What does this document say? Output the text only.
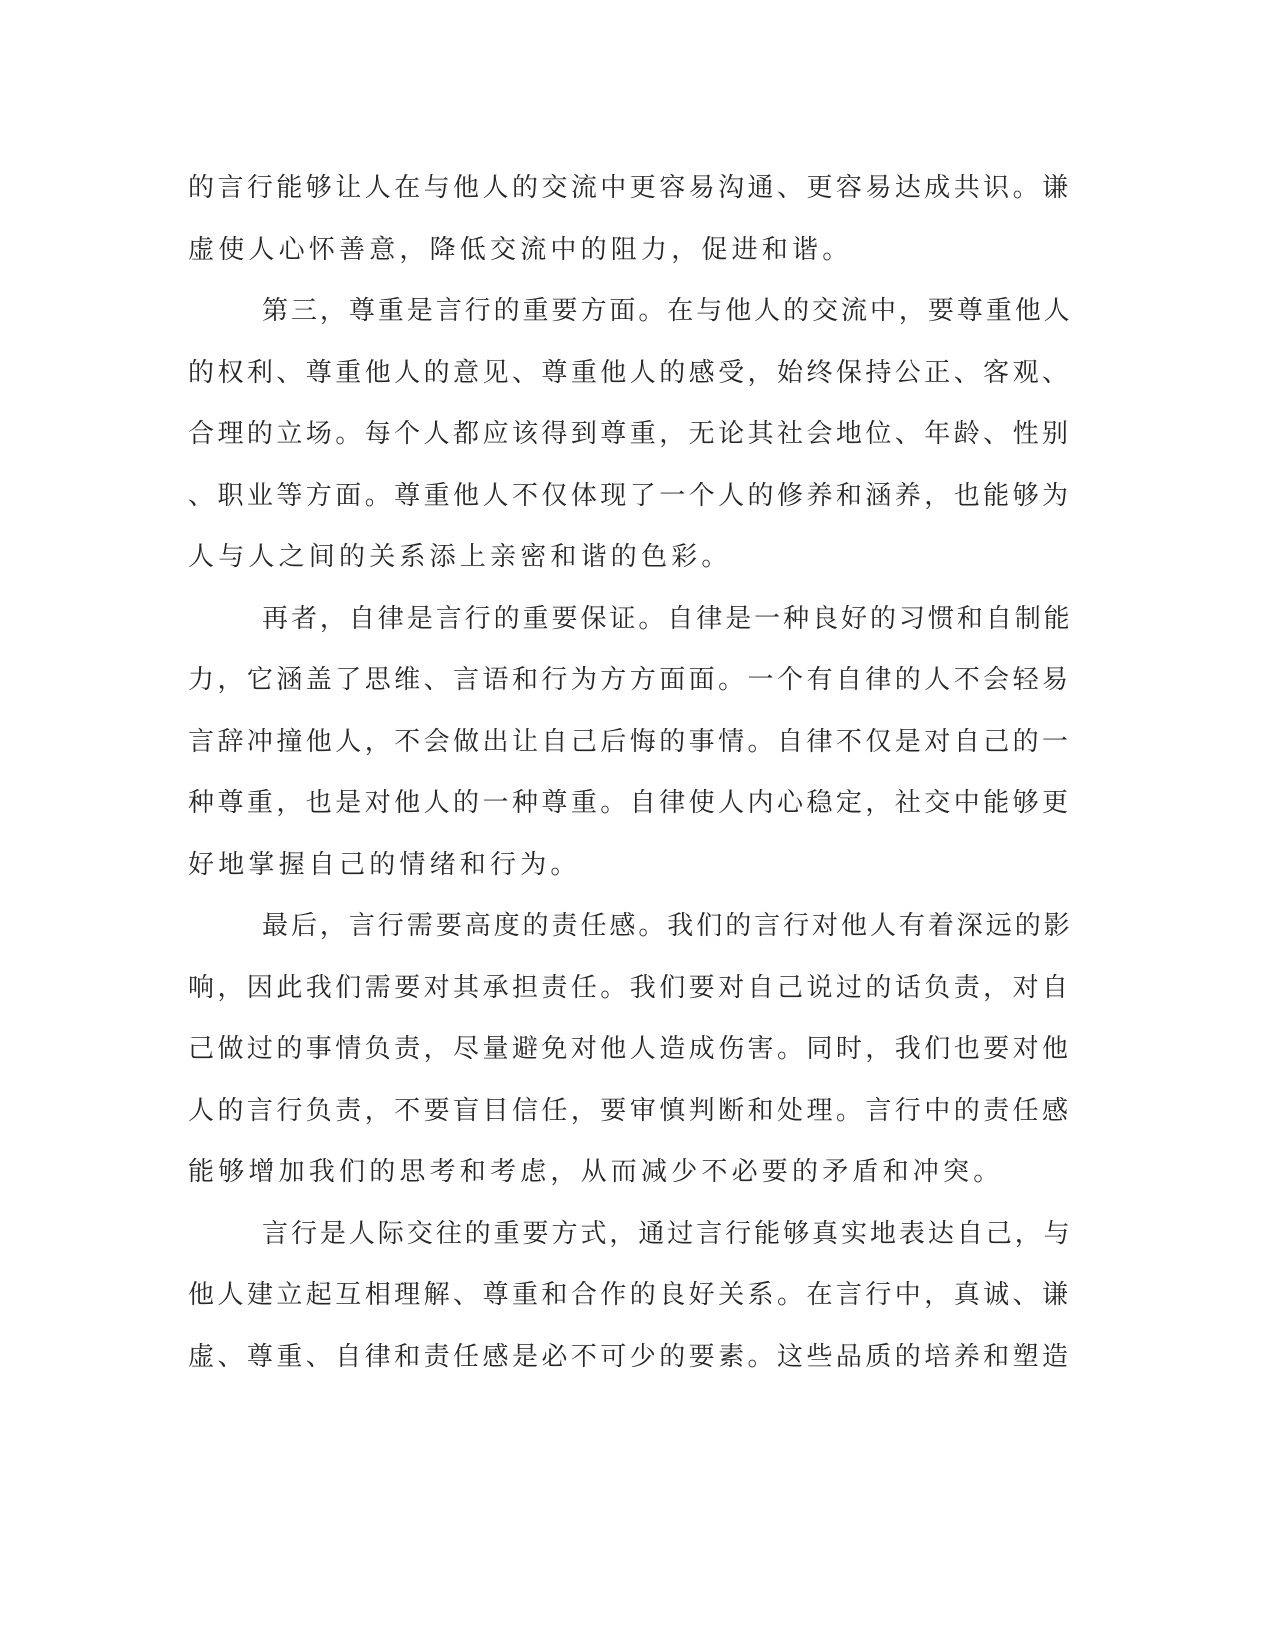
的言行能够让人在与他人的交流中更容易沟通、更容易达成共识。谦
虚使人心怀善意，降低交流中的阻力，促进和谐。
第三，尊重是言行的重要方面。在与他人的交流中，要尊重他人
的权利、尊重他人的意见、尊重他人的感受，始终保持公正、客观、
合理的立场。每个人都应该得到尊重，无论其社会地位、年龄、性别
、职业等方面。尊重他人不仅体现了一个人的修养和涵养，也能够为
人与人之间的关系添上亲密和谐的色彩。
再者，自律是言行的重要保证。自律是一种良好的习惯和自制能
力，它涵盖了思维、言语和行为方方面面。一个有自律的人不会轻易
言辞冲撞他人，不会做出让自己后悔的事情。自律不仅是对自己的一
种尊重，也是对他人的一种尊重。自律使人内心稳定，社交中能够更
好地掌握自己的情绪和行为。
最后，言行需要高度的责任感。我们的言行对他人有着深远的影
响，因此我们需要对其承担责任。我们要对自己说过的话负责，对自
己做过的事情负责，尽量避免对他人造成伤害。同时，我们也要对他
人的言行负责，不要盲目信任，要审慎判断和处理。言行中的责任感
能够增加我们的思考和考虑，从而减少不必要的矛盾和冲突。
言行是人际交往的重要方式，通过言行能够真实地表达自己，与
他人建立起互相理解、尊重和合作的良好关系。在言行中，真诚、谦
虚、尊重、自律和责任感是必不可少的要素。这些品质的培养和塑造
